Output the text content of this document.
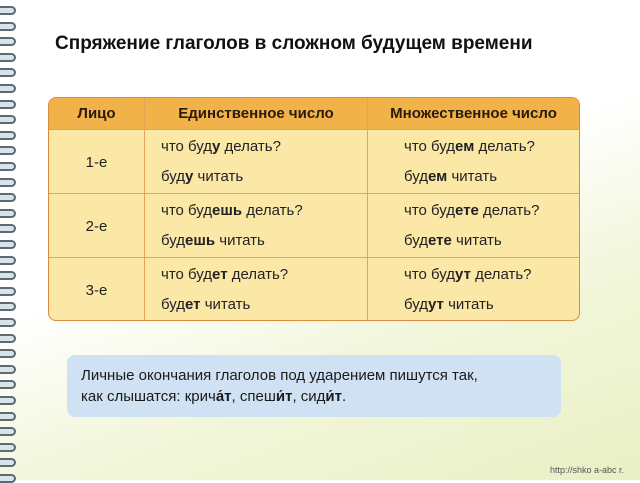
Спряжение глаголов в сложном будущем времени
Лицо	Единственное число	Множественное число
1-е
что буду делать?
буду читать
что будем делать?
будем читать
2-е
что будешь делать?
будешь читать
что будете делать?
будете читать
3-е
что будет делать?
будет читать
что будут делать?
будут читать
Личные окончания глаголов под ударением пишутся так,
как слышатся: крича́т, спеши́т, сиди́т.
http://shko a-abc r.
